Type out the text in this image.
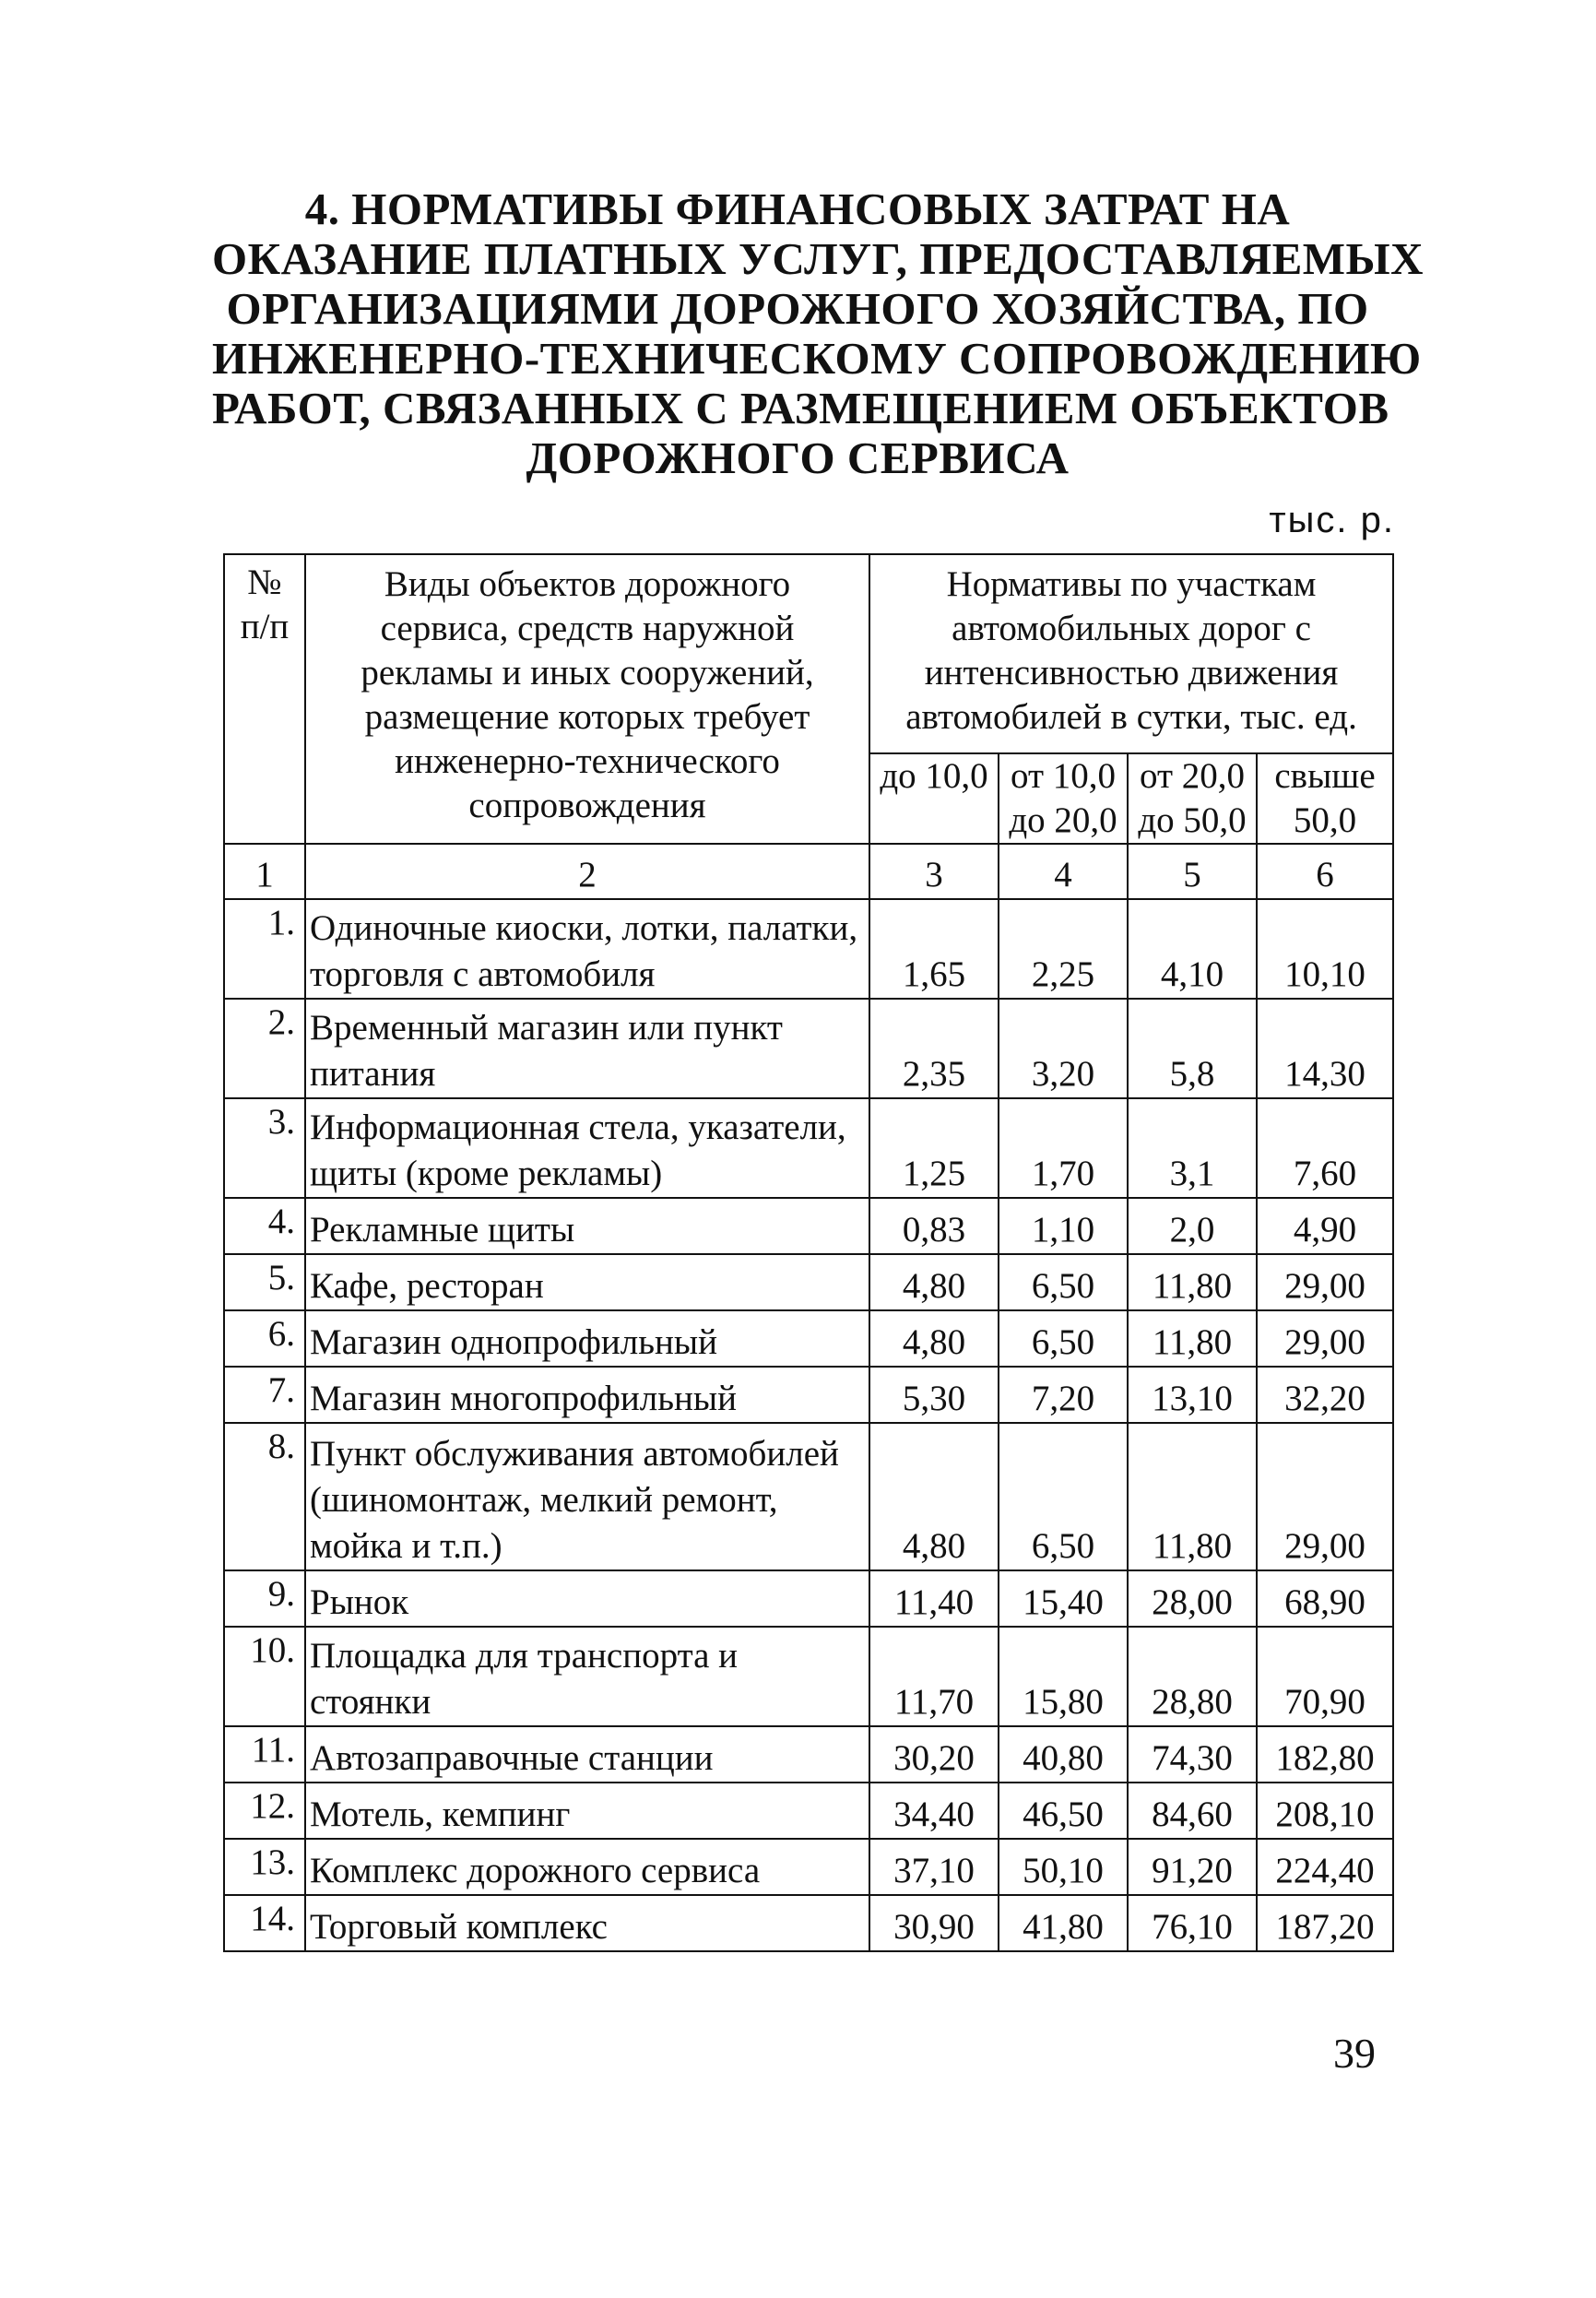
4. НОРМАТИВЫ ФИНАНСОВЫХ ЗАТРАТ НА
ОКАЗАНИЕ ПЛАТНЫХ УСЛУГ, ПРЕДОСТАВЛЯЕМЫХ
ОРГАНИЗАЦИЯМИ ДОРОЖНОГО ХОЗЯЙСТВА, ПО
ИНЖЕНЕРНО-ТЕХНИЧЕСКОМУ СОПРОВОЖДЕНИЮ
РАБОТ, СВЯЗАННЫХ С РАЗМЕЩЕНИЕМ ОБЪЕКТОВ
ДОРОЖНОГО СЕРВИСА
тыс. р.
№ п/п	Виды объектов дорожного сервиса, средств наружной рекламы и иных сооружений, размещение которых требует инженерно-технического сопровождения	Нормативы по участкам автомобильных дорог с интенсивностью движения автомобилей в сутки, тыс. ед.			
		до 10,0	от 10,0 до 20,0	от 20,0 до 50,0	свыше 50,0
1	2	3	4	5	6
1.	Одиночные киоски, лотки, палатки, торговля с автомобиля	1,65	2,25	4,10	10,10
2.	Временный магазин или пункт питания	2,35	3,20	5,8	14,30
3.	Информационная стела, указатели, щиты (кроме рекламы)	1,25	1,70	3,1	7,60
4.	Рекламные щиты	0,83	1,10	2,0	4,90
5.	Кафе, ресторан	4,80	6,50	11,80	29,00
6.	Магазин однопрофильный	4,80	6,50	11,80	29,00
7.	Магазин многопрофильный	5,30	7,20	13,10	32,20
8.	Пункт обслуживания автомобилей (шиномонтаж, мелкий ремонт, мойка и т.п.)	4,80	6,50	11,80	29,00
9.	Рынок	11,40	15,40	28,00	68,90
10.	Площадка для транспорта и стоянки	11,70	15,80	28,80	70,90
11.	Автозаправочные станции	30,20	40,80	74,30	182,80
12.	Мотель, кемпинг	34,40	46,50	84,60	208,10
13.	Комплекс дорожного сервиса	37,10	50,10	91,20	224,40
14.	Торговый комплекс	30,90	41,80	76,10	187,20
39
